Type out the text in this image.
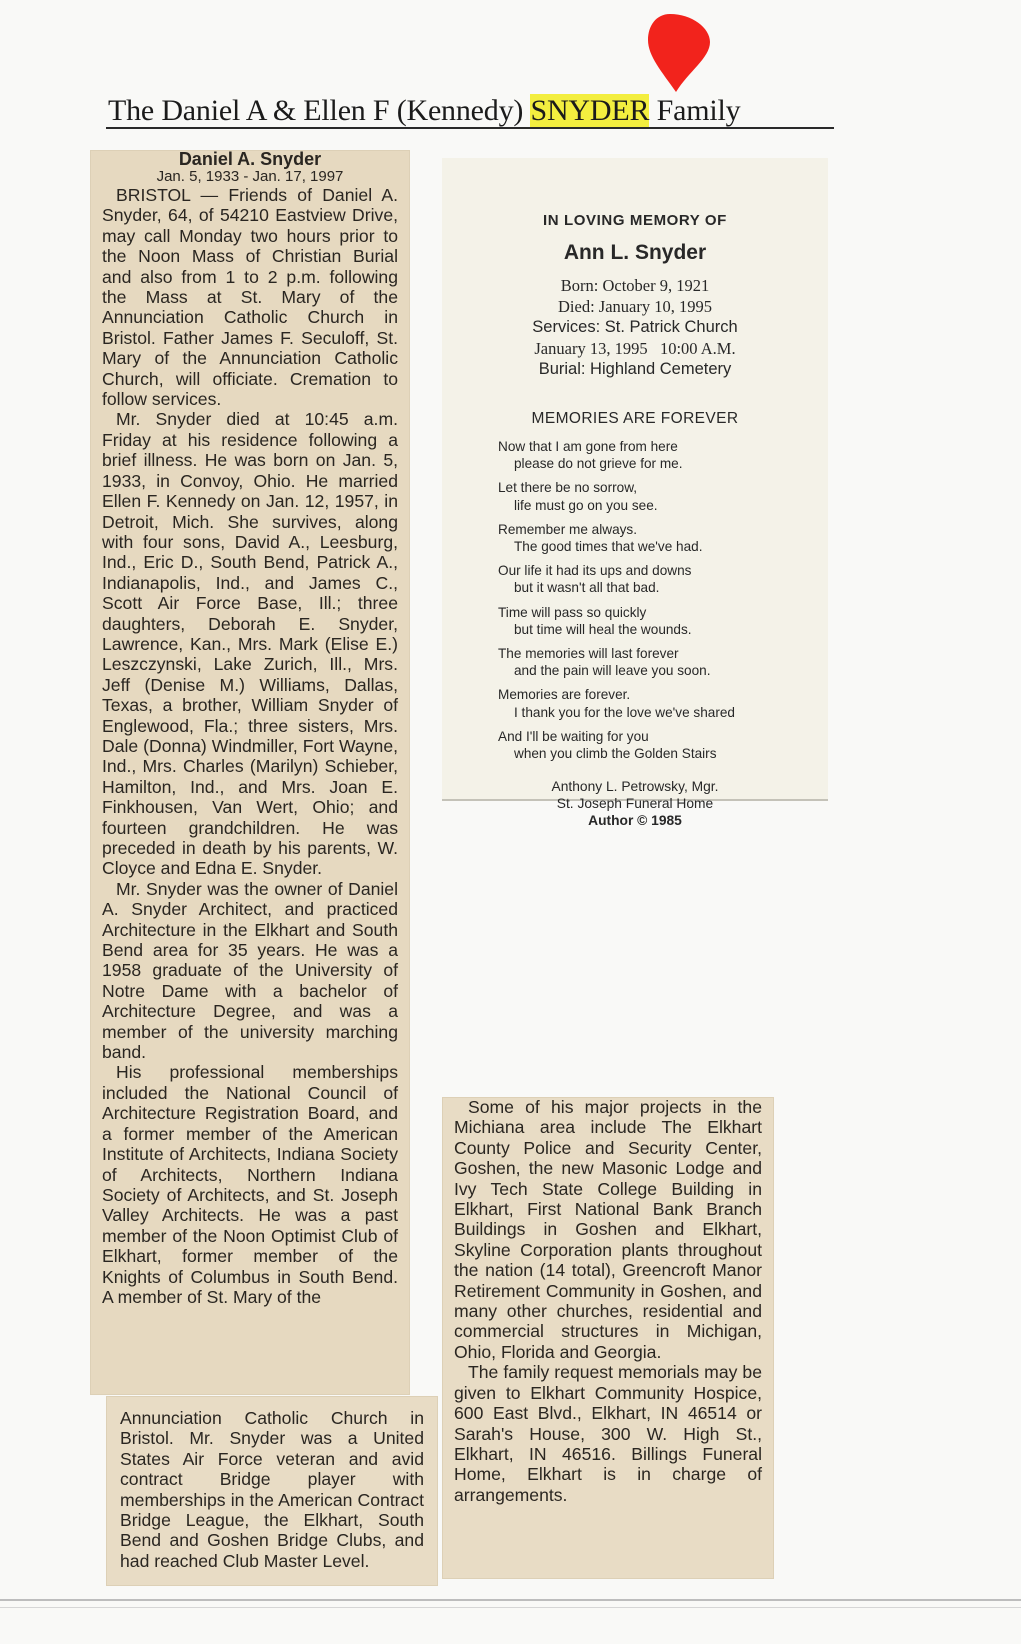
The Daniel A & Ellen F (Kennedy) SNYDER Family
Daniel A. Snyder
Jan. 5, 1933 - Jan. 17, 1997

BRISTOL — Friends of Daniel A. Snyder, 64, of 54210 Eastview Drive, may call Monday two hours prior to the Noon Mass of Christian Burial and also from 1 to 2 p.m. following the Mass at St. Mary of the Annunciation Catholic Church in Bristol. Father James F. Seculoff, St. Mary of the Annunciation Catholic Church, will officiate. Cremation to follow services.

Mr. Snyder died at 10:45 a.m. Friday at his residence following a brief illness. He was born on Jan. 5, 1933, in Convoy, Ohio. He married Ellen F. Kennedy on Jan. 12, 1957, in Detroit, Mich. She survives, along with four sons, David A., Leesburg, Ind., Eric D., South Bend, Patrick A., Indianapolis, Ind., and James C., Scott Air Force Base, Ill.; three daughters, Deborah E. Snyder, Lawrence, Kan., Mrs. Mark (Elise E.) Leszczynski, Lake Zurich, Ill., Mrs. Jeff (Denise M.) Williams, Dallas, Texas, a brother, William Snyder of Englewood, Fla.; three sisters, Mrs. Dale (Donna) Windmiller, Fort Wayne, Ind., Mrs. Charles (Marilyn) Schieber, Hamilton, Ind., and Mrs. Joan E. Finkhousen, Van Wert, Ohio; and fourteen grandchildren. He was preceded in death by his parents, W. Cloyce and Edna E. Snyder.

Mr. Snyder was the owner of Daniel A. Snyder Architect, and practiced Architecture in the Elkhart and South Bend area for 35 years. He was a 1958 graduate of the University of Notre Dame with a bachelor of Architecture Degree, and was a member of the university marching band.

His professional memberships included the National Council of Architecture Registration Board, and a former member of the American Institute of Architects, Indiana Society of Architects, Northern Indiana Society of Architects, and St. Joseph Valley Architects. He was a past member of the Noon Optimist Club of Elkhart, former member of the Knights of Columbus in South Bend. A member of St. Mary of the

Annunciation Catholic Church in Bristol. Mr. Snyder was a United States Air Force veteran and avid contract Bridge player with memberships in the American Contract Bridge League, the Elkhart, South Bend and Goshen Bridge Clubs, and had reached Club Master Level.

Some of his major projects in the Michiana area include The Elkhart County Police and Security Center, Goshen, the new Masonic Lodge and Ivy Tech State College Building in Elkhart, First National Bank Branch Buildings in Goshen and Elkhart, Skyline Corporation plants throughout the nation (14 total), Greencroft Manor Retirement Community in Goshen, and many other churches, residential and commercial structures in Michigan, Ohio, Florida and Georgia.

The family request memorials may be given to Elkhart Community Hospice, 600 East Blvd., Elkhart, IN 46514 or Sarah's House, 300 W. High St., Elkhart, IN 46516. Billings Funeral Home, Elkhart is in charge of arrangements.

IN LOVING MEMORY OF
Ann L. Snyder
Born: October 9, 1921
Died: January 10, 1995
Services: St. Patrick Church
January 13, 1995   10:00 A.M.
Burial: Highland Cemetery
MEMORIES ARE FOREVER
Now that I am gone from here
please do not grieve for me.
Let there be no sorrow,
life must go on you see.
Remember me always.
The good times that we've had.
Our life it had its ups and downs
but it wasn't all that bad.
Time will pass so quickly
but time will heal the wounds.
The memories will last forever
and the pain will leave you soon.
Memories are forever.
I thank you for the love we've shared
And I'll be waiting for you
when you climb the Golden Stairs
Anthony L. Petrowsky, Mgr.
St. Joseph Funeral Home
Author © 1985
